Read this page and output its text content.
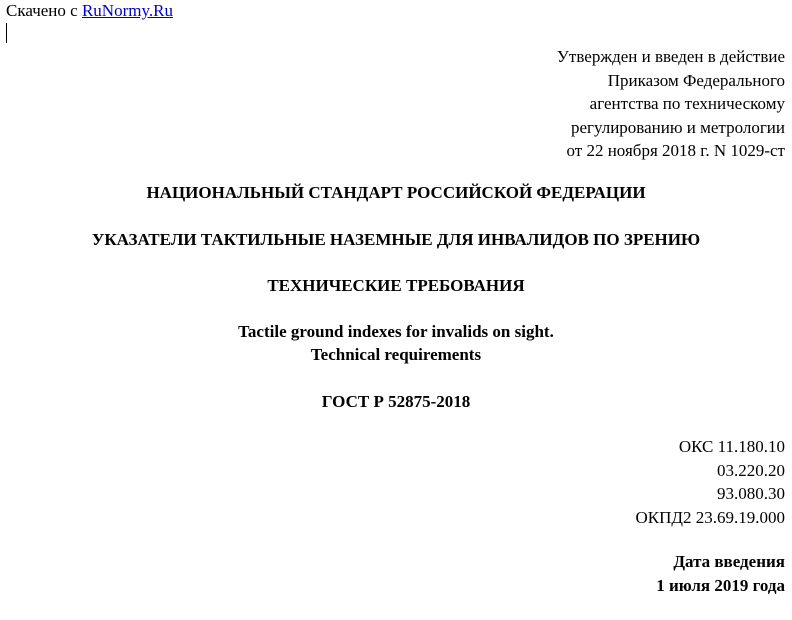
Скачено с RuNormy.Ru
Утвержден и введен в действие
Приказом Федерального
агентства по техническому
регулированию и метрологии
от 22 ноября 2018 г. N 1029-ст
НАЦИОНАЛЬНЫЙ СТАНДАРТ РОССИЙСКОЙ ФЕДЕРАЦИИ
УКАЗАТЕЛИ ТАКТИЛЬНЫЕ НАЗЕМНЫЕ ДЛЯ ИНВАЛИДОВ ПО ЗРЕНИЮ
ТЕХНИЧЕСКИЕ ТРЕБОВАНИЯ
Tactile ground indexes for invalids on sight.
Technical requirements
ГОСТ Р 52875-2018
ОКС 11.180.10
03.220.20
93.080.30
ОКПД2 23.69.19.000
Дата введения
1 июля 2019 года
